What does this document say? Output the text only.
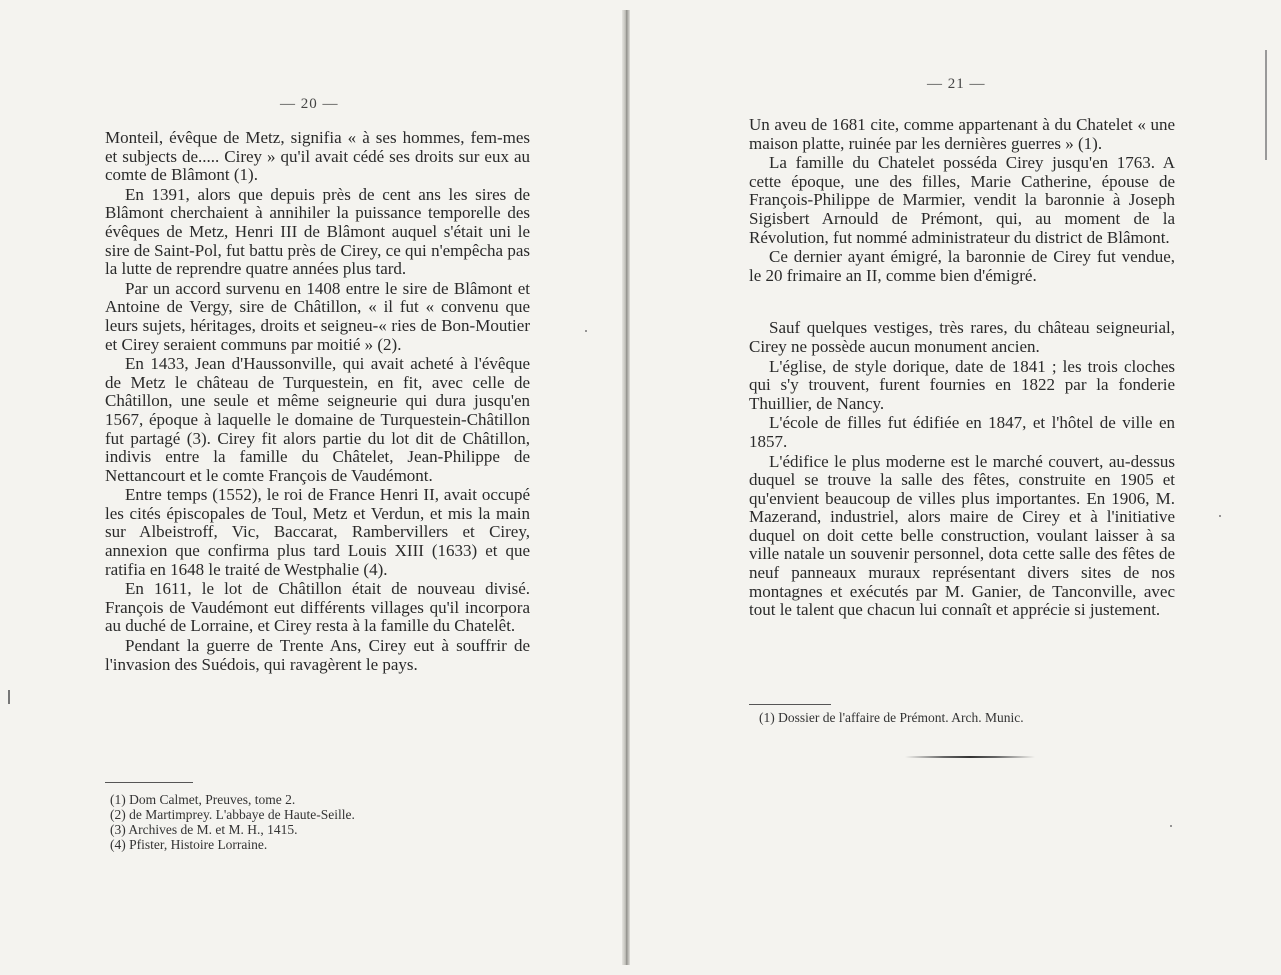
— 20 —

Monteil, évêque de Metz, signifia « à ses hommes, fem-mes et subjects de..... Cirey » qu'il avait cédé ses droits sur eux au comte de Blâmont (1).

En 1391, alors que depuis près de cent ans les sires de Blâmont cherchaient à annihiler la puissance temporelle des évêques de Metz, Henri III de Blâmont auquel s'était uni le sire de Saint-Pol, fut battu près de Cirey, ce qui n'empêcha pas la lutte de reprendre quatre années plus tard.

Par un accord survenu en 1408 entre le sire de Blâmont et Antoine de Vergy, sire de Châtillon, « il fut « convenu que leurs sujets, héritages, droits et seigneu-« ries de Bon-Moutier et Cirey seraient communs par moitié » (2).

En 1433, Jean d'Haussonville, qui avait acheté à l'évêque de Metz le château de Turquestein, en fit, avec celle de Châtillon, une seule et même seigneurie qui dura jusqu'en 1567, époque à laquelle le domaine de Turquestein-Châtillon fut partagé (3). Cirey fit alors partie du lot dit de Châtillon, indivis entre la famille du Châtelet, Jean-Philippe de Nettancourt et le comte François de Vaudémont.

Entre temps (1552), le roi de France Henri II, avait occupé les cités épiscopales de Toul, Metz et Verdun, et mis la main sur Albeistroff, Vic, Baccarat, Rambervillers et Cirey, annexion que confirma plus tard Louis XIII (1633) et que ratifia en 1648 le traité de Westphalie (4).

En 1611, le lot de Châtillon était de nouveau divisé. François de Vaudémont eut différents villages qu'il incorpora au duché de Lorraine, et Cirey resta à la famille du Chatelêt.

Pendant la guerre de Trente Ans, Cirey eut à souffrir de l'invasion des Suédois, qui ravagèrent le pays.

(1) Dom Calmet, Preuves, tome 2.
(2) de Martimprey. L'abbaye de Haute-Seille.
(3) Archives de M. et M. H., 1415.
(4) Pfister, Histoire Lorraine.
— 21 —

Un aveu de 1681 cite, comme appartenant à du Chatelet « une maison platte, ruinée par les dernières guerres » (1).

La famille du Chatelet posséda Cirey jusqu'en 1763. A cette époque, une des filles, Marie Catherine, épouse de François-Philippe de Marmier, vendit la baronnie à Joseph Sigisbert Arnould de Prémont, qui, au moment de la Révolution, fut nommé administrateur du district de Blâmont.

Ce dernier ayant émigré, la baronnie de Cirey fut vendue, le 20 frimaire an II, comme bien d'émigré.

Sauf quelques vestiges, très rares, du château seigneurial, Cirey ne possède aucun monument ancien.

L'église, de style dorique, date de 1841 ; les trois cloches qui s'y trouvent, furent fournies en 1822 par la fonderie Thuillier, de Nancy.

L'école de filles fut édifiée en 1847, et l'hôtel de ville en 1857.

L'édifice le plus moderne est le marché couvert, au-dessus duquel se trouve la salle des fêtes, construite en 1905 et qu'envient beaucoup de villes plus importantes. En 1906, M. Mazerand, industriel, alors maire de Cirey et à l'initiative duquel on doit cette belle construction, voulant laisser à sa ville natale un souvenir personnel, dota cette salle des fêtes de neuf panneaux muraux représentant divers sites de nos montagnes et exécutés par M. Ganier, de Tanconville, avec tout le talent que chacun lui connaît et apprécie si justement.

(1) Dossier de l'affaire de Prémont. Arch. Munic.
